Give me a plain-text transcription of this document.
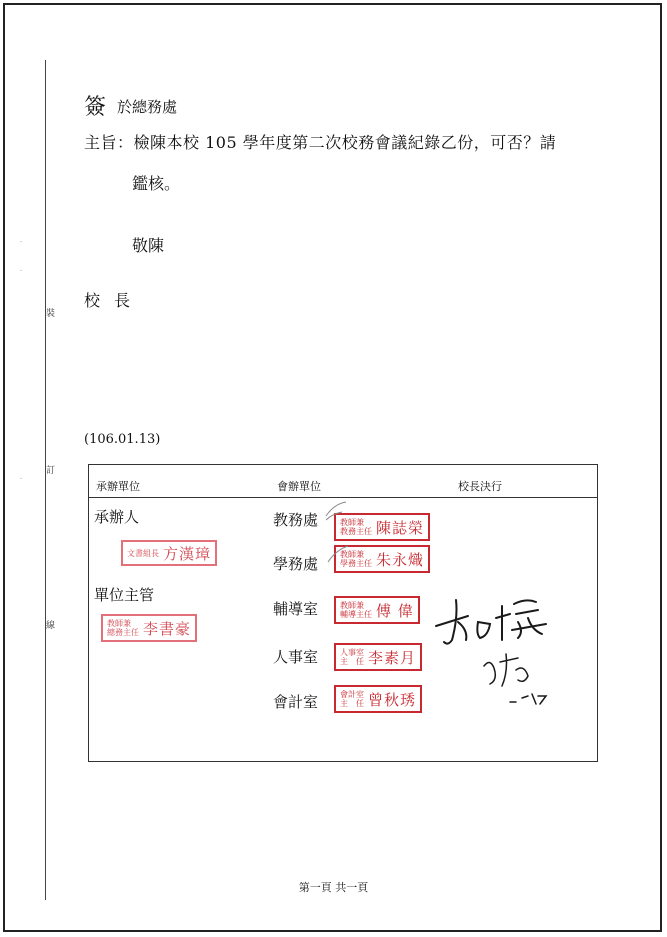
裝
訂
線
·
·
·
簽 於總務處
主旨：檢陳本校 105 學年度第二次校務會議紀錄乙份，可否？請
鑑核。
敬陳
校長
(106.01.13)
承辦單位	會辦單位	校長決行
承辦人
文書組長 方漢璋
單位主管
教師兼
總務主任 李書豪
教務處	教師兼
教務主任 陳誌榮
學務處
教師兼
學務主任 朱永熾
輔導室	教師兼
輔導主任 傅 偉
人事室	人事室
主　任 李素月
會計室	會計室
主　任 曾秋琇
第一頁 共一頁
